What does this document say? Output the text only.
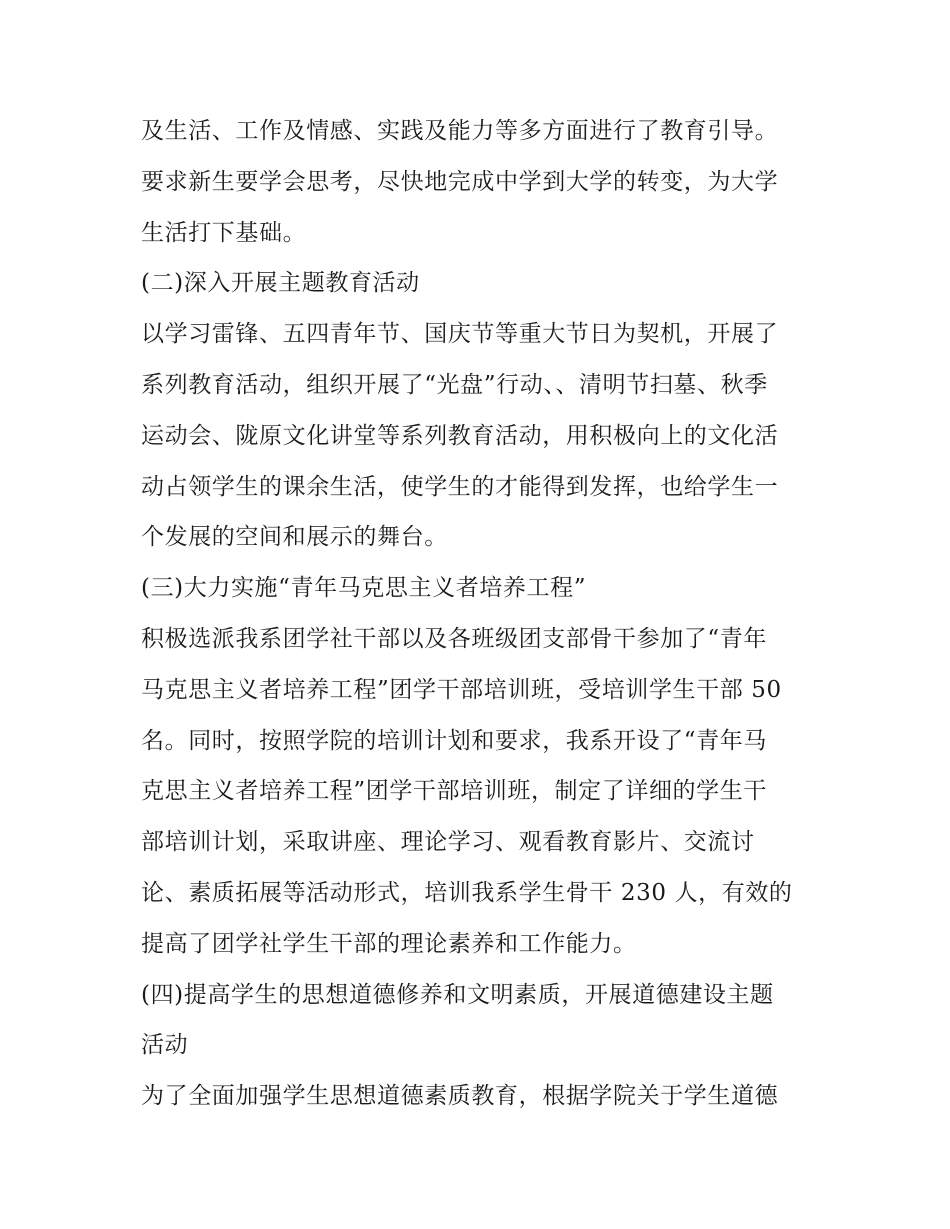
及生活、工作及情感、实践及能力等多方面进行了教育引导。
要求新生要学会思考，尽快地完成中学到大学的转变，为大学
生活打下基础。
(二)深入开展主题教育活动
以学习雷锋、五四青年节、国庆节等重大节日为契机，开展了
系列教育活动，组织开展了“光盘”行动、、清明节扫墓、秋季
运动会、陇原文化讲堂等系列教育活动，用积极向上的文化活
动占领学生的课余生活，使学生的才能得到发挥，也给学生一
个发展的空间和展示的舞台。
(三)大力实施“青年马克思主义者培养工程”
积极选派我系团学社干部以及各班级团支部骨干参加了“青年
马克思主义者培养工程”团学干部培训班，受培训学生干部 50
名。同时，按照学院的培训计划和要求，我系开设了“青年马
克思主义者培养工程”团学干部培训班，制定了详细的学生干
部培训计划，采取讲座、理论学习、观看教育影片、交流讨
论、素质拓展等活动形式，培训我系学生骨干 230 人，有效的
提高了团学社学生干部的理论素养和工作能力。
(四)提高学生的思想道德修养和文明素质，开展道德建设主题
活动
为了全面加强学生思想道德素质教育，根据学院关于学生道德
